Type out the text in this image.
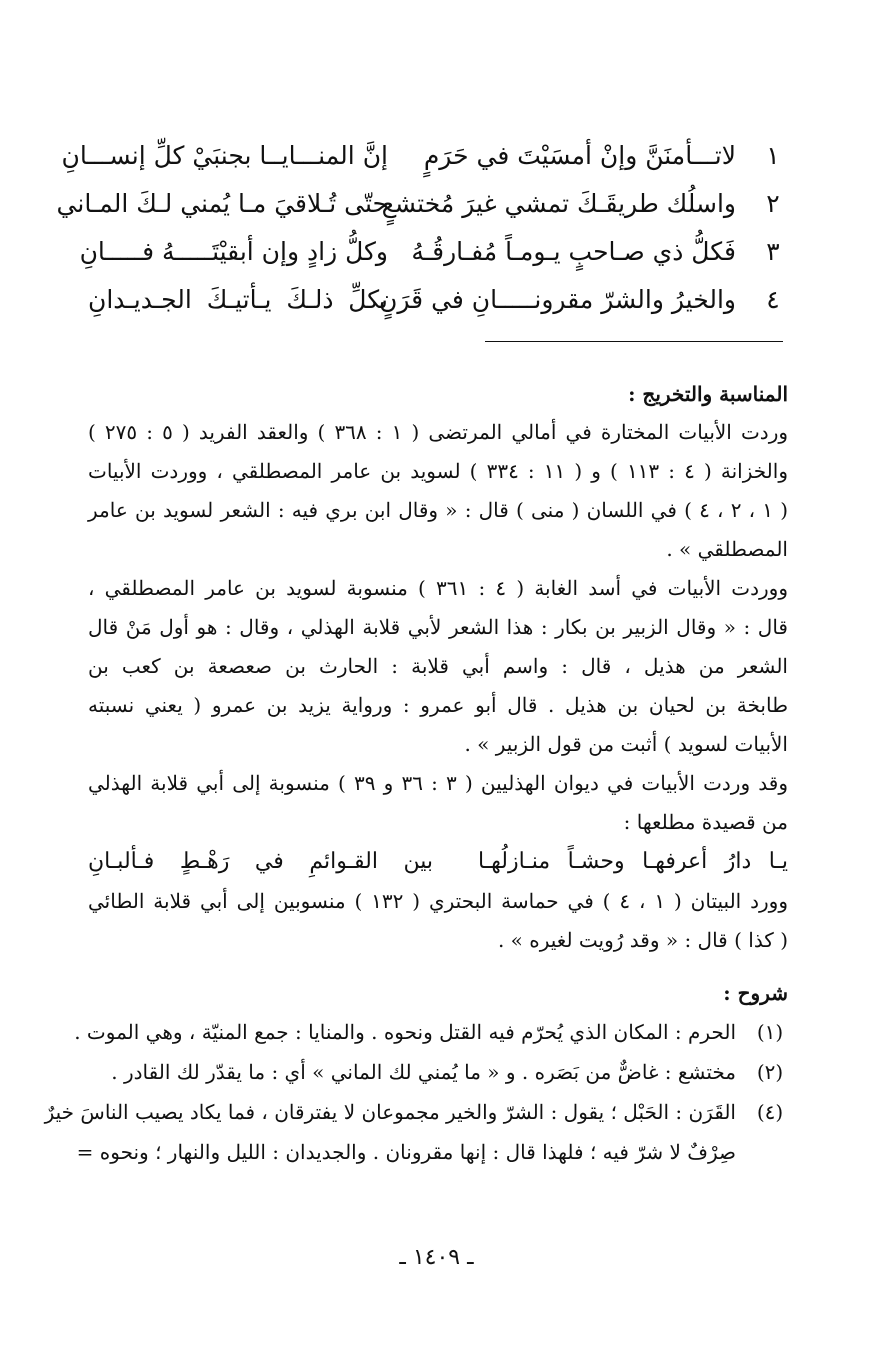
١
لاتـــأمنَنَّ وإنْ أمسَيْتَ في حَرَمٍ
إنَّ المنـــايــا بجنبَيْ كلِّ إنســـانِ
٢
واسلُك طريقَـكَ تمشي غيرَ مُختشعٍ
حتّى تُـلاقيَ مـا يُمني لـكَ المـاني
٣
فَكلُّ ذي صـاحبٍ يـومـاً مُفـارقُـهُ
وكلُّ زادٍ وإن أبقيْتَـــــهُ فـــــانِ
٤
والخيرُ والشرّ مقرونـــــانِ في قَرَنٍ
بكلِّ ذلـكَ يـأتيـكَ الجـديـدانِ
المناسبة والتخريج :
وردت الأبيات المختارة في أمالي المرتضى ( ١ : ٣٦٨ ) والعقد الفريد ( ٥ : ٢٧٥ )
والخزانة ( ٤ : ١١٣ ) و ( ١١ : ٣٣٤ ) لسويد بن عامر المصطلقي ، ووردت الأبيات
( ١ ، ٢ ، ٤ ) في اللسان ( منى ) قال : « وقال ابن بري فيه : الشعر لسويد بن عامر
المصطلقي » .
ووردت الأبيات في أسد الغابة ( ٤ : ٣٦١ ) منسوبة لسويد بن عامر المصطلقي ،
قال : « وقال الزبير بن بكار : هذا الشعر لأبي قلابة الهذلي ، وقال : هو أول مَنْ قال
الشعر من هذيل ، قال : واسم أبي قلابة : الحارث بن صعصعة بن كعب بن
طابخة بن لحيان بن هذيل . قال أبو عمرو : ورواية يزيد بن عمرو ( يعني نسبته
الأبيات لسويد ) أثبت من قول الزبير » .
وقد وردت الأبيات في ديوان الهذليين ( ٣ : ٣٦ و ٣٩ ) منسوبة إلى أبي قلابة الهذلي
من قصيدة مطلعها :
يـا دارُ أعرفهـا وحشـاً منـازلُهـا
بين القـوائمِ في رَهْـطٍ فـألبـانِ
وورد البيتان ( ١ ، ٤ ) في حماسة البحتري ( ١٣٢ ) منسوبين إلى أبي قلابة الطائي
( كذا ) قال : « وقد رُويت لغيره » .
شروح :
(١)
الحرم : المكان الذي يُحرّم فيه القتل ونحوه . والمنايا : جمع المنيّة ، وهي الموت .
(٢)
مختشع : غاضٌّ من بَصَره . و « ما يُمني لك الماني » أي : ما يقدّر لك القادر .
(٤)
القَرَن : الحَبْل ؛ يقول : الشرّ والخير مجموعان لا يفترقان ، فما يكاد يصيب الناسَ خيرٌ
صِرْفٌ لا شرّ فيه ؛ فلهذا قال : إنها مقرونان . والجديدان : الليل والنهار ؛ ونحوه =
ـ ١٤٠٩ ـ
